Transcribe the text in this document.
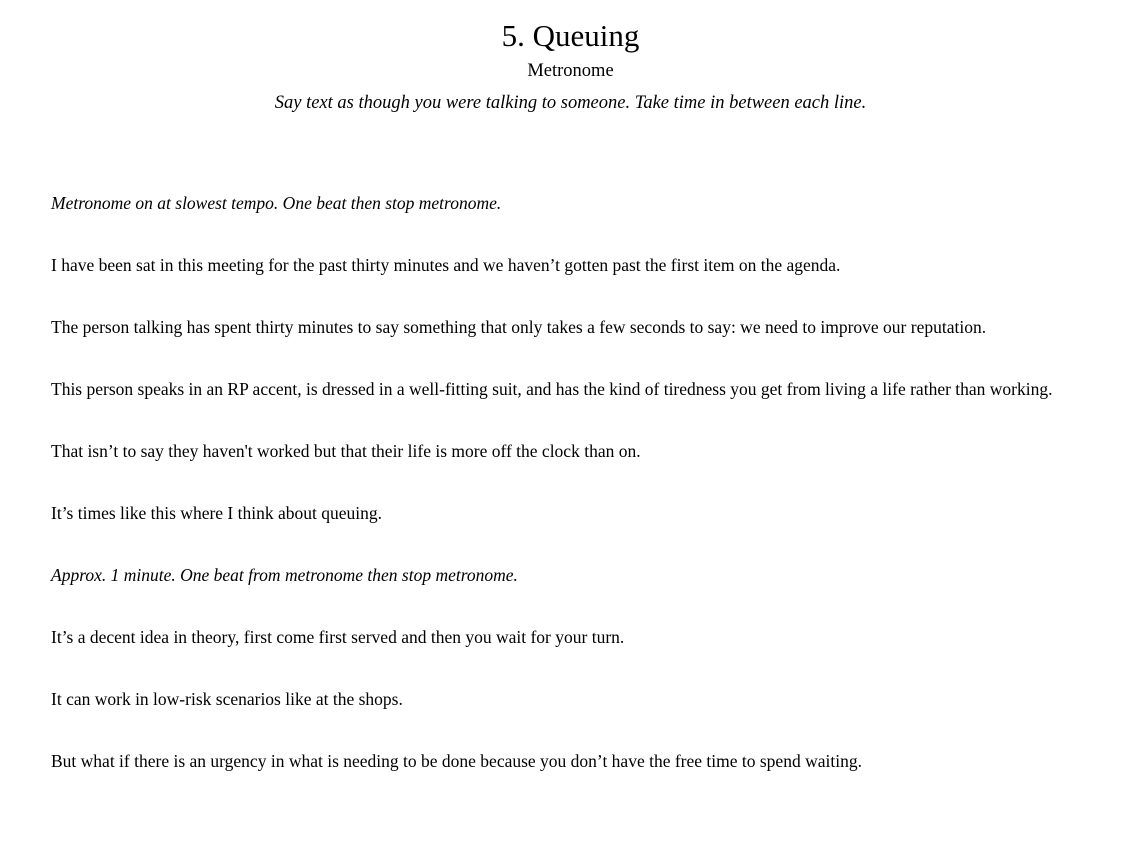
5. Queuing
Metronome
Say text as though you were talking to someone. Take time in between each line.

Metronome on at slowest tempo. One beat then stop metronome.

I have been sat in this meeting for the past thirty minutes and we haven’t gotten past the first item on the agenda.

The person talking has spent thirty minutes to say something that only takes a few seconds to say: we need to improve our reputation.

This person speaks in an RP accent, is dressed in a well-fitting suit, and has the kind of tiredness you get from living a life rather than working.

That isn’t to say they haven't worked but that their life is more off the clock than on.

It’s times like this where I think about queuing.

Approx. 1 minute. One beat from metronome then stop metronome.

It’s a decent idea in theory, first come first served and then you wait for your turn.

It can work in low-risk scenarios like at the shops.

But what if there is an urgency in what is needing to be done because you don’t have the free time to spend waiting.
